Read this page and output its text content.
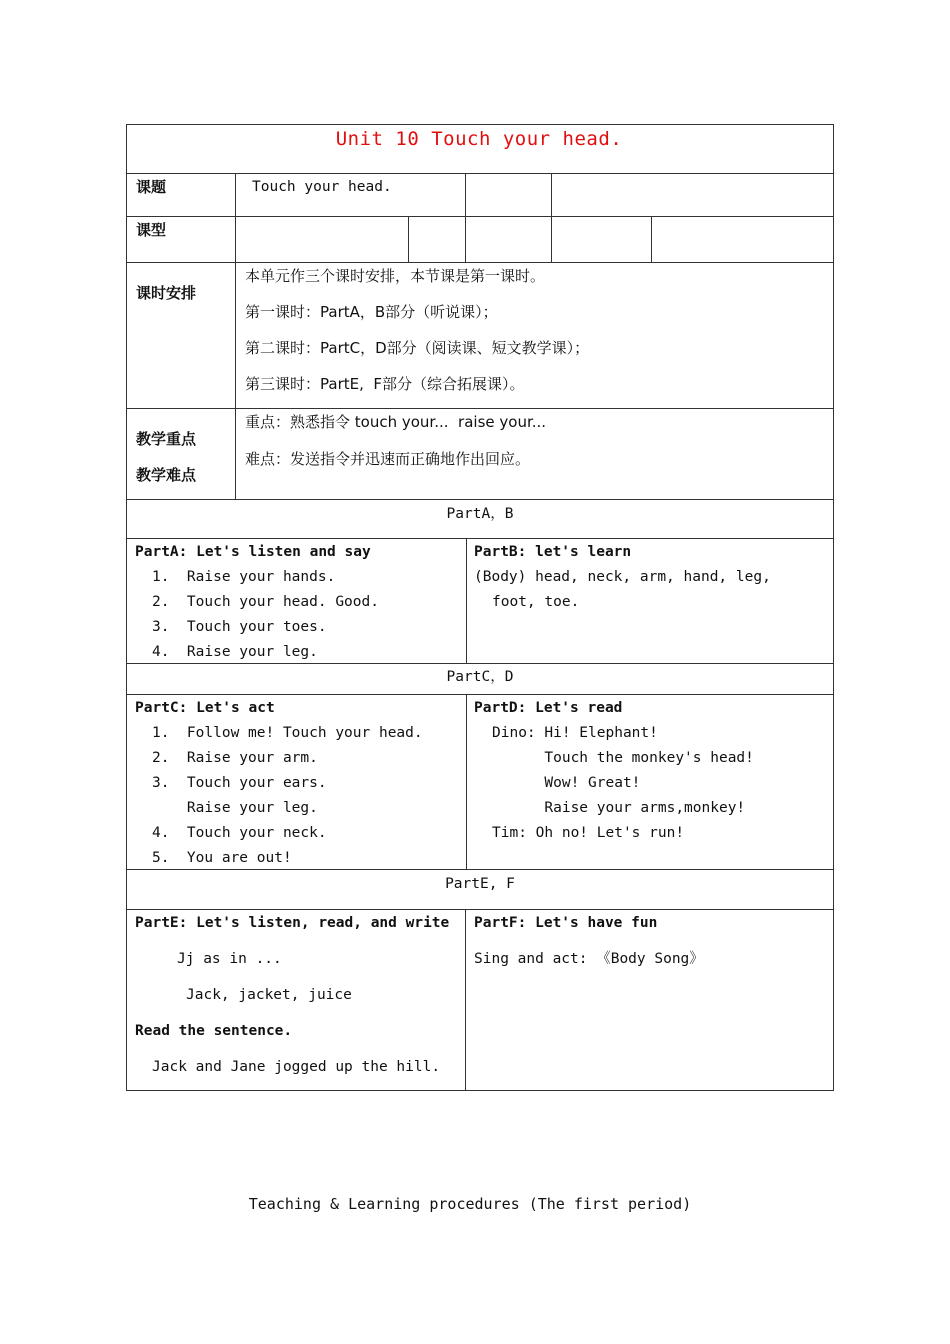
Unit 10 Touch your head.
课题	Touch your head.
课型
课时安排
本单元作三个课时安排，本节课是第一课时。
第一课时：PartA，B部分（听说课）；
第二课时：PartC，D部分（阅读课、短文教学课）；
第三课时：PartE,  F部分（综合拓展课）。
教学重点
教学难点
重点：熟悉指令 touch your...  raise your...
难点：发送指令并迅速而正确地作出回应。
PartA，B
PartA: Let's listen and say
1.  Raise your hands.
2.  Touch your head. Good.
3.  Touch your toes.
4.  Raise your leg.
PartB: let's learn
(Body) head, neck, arm, hand, leg,
foot, toe.
PartC，D
PartC: Let's act
1.  Follow me! Touch your head.
2.  Raise your arm.
3.  Touch your ears.
Raise your leg.
4.  Touch your neck.
5.  You are out!
PartD: Let's read
Dino: Hi! Elephant!
Touch the monkey's head!
Wow! Great!
Raise your arms,monkey!
Tim: Oh no! Let's run!
PartE, F
PartE: Let's listen, read, and write
Jj as in ...
Jack, jacket, juice
Read the sentence.
Jack and Jane jogged up the hill.
PartF: Let's have fun
Sing and act: 《Body Song》
Teaching & Learning procedures (The first period)
